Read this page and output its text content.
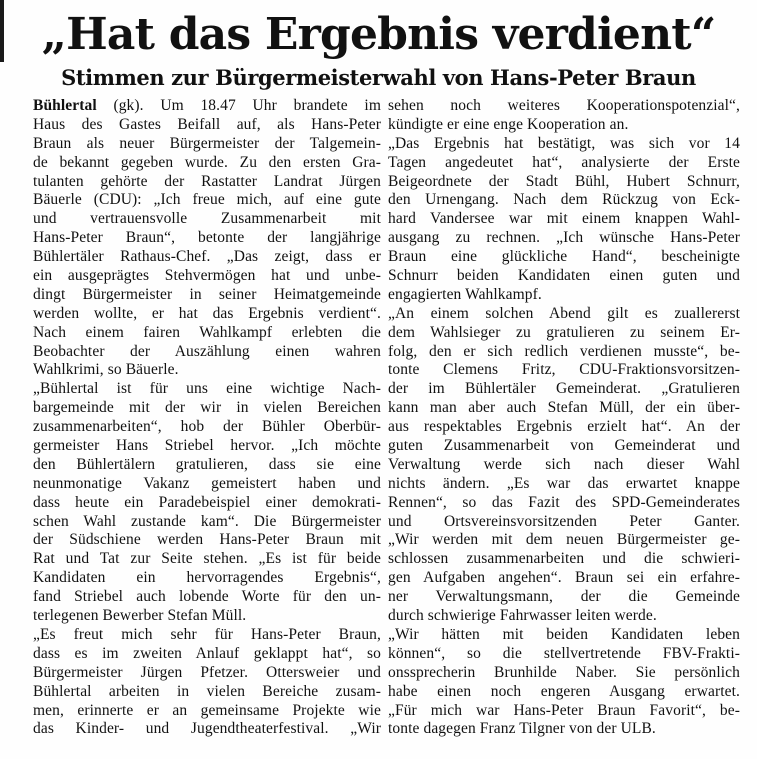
„Hat das Ergebnis verdient“
Stimmen zur Bürgermeisterwahl von Hans-Peter Braun
Bühlertal (gk). Um 18.47 Uhr brandete im
Haus des Gastes Beifall auf, als Hans-Peter
Braun als neuer Bürgermeister der Talgemein-
de bekannt gegeben wurde. Zu den ersten Gra-
tulanten gehörte der Rastatter Landrat Jürgen
Bäuerle (CDU): „Ich freue mich, auf eine gute
und vertrauensvolle Zusammenarbeit mit
Hans-Peter Braun“, betonte der langjährige
Bühlertäler Rathaus-Chef. „Das zeigt, dass er
ein ausgeprägtes Stehvermögen hat und unbe-
dingt Bürgermeister in seiner Heimatgemeinde
werden wollte, er hat das Ergebnis verdient“.
Nach einem fairen Wahlkampf erlebten die
Beobachter der Auszählung einen wahren
Wahlkrimi, so Bäuerle.
„Bühlertal ist für uns eine wichtige Nach-
bargemeinde mit der wir in vielen Bereichen
zusammenarbeiten“, hob der Bühler Oberbür-
germeister Hans Striebel hervor. „Ich möchte
den Bühlertälern gratulieren, dass sie eine
neunmonatige Vakanz gemeistert haben und
dass heute ein Paradebeispiel einer demokrati-
schen Wahl zustande kam“. Die Bürgermeister
der Südschiene werden Hans-Peter Braun mit
Rat und Tat zur Seite stehen. „Es ist für beide
Kandidaten ein hervorragendes Ergebnis“,
fand Striebel auch lobende Worte für den un-
terlegenen Bewerber Stefan Müll.
„Es freut mich sehr für Hans-Peter Braun,
dass es im zweiten Anlauf geklappt hat“, so
Bürgermeister Jürgen Pfetzer. Ottersweier und
Bühlertal arbeiten in vielen Bereiche zusam-
men, erinnerte er an gemeinsame Projekte wie
das Kinder- und Jugendtheaterfestival. „Wir
sehen noch weiteres Kooperationspotenzial“,
kündigte er eine enge Kooperation an.
„Das Ergebnis hat bestätigt, was sich vor 14
Tagen angedeutet hat“, analysierte der Erste
Beigeordnete der Stadt Bühl, Hubert Schnurr,
den Urnengang. Nach dem Rückzug von Eck-
hard Vandersee war mit einem knappen Wahl-
ausgang zu rechnen. „Ich wünsche Hans-Peter
Braun eine glückliche Hand“, bescheinigte
Schnurr beiden Kandidaten einen guten und
engagierten Wahlkampf.
„An einem solchen Abend gilt es zuallererst
dem Wahlsieger zu gratulieren zu seinem Er-
folg, den er sich redlich verdienen musste“, be-
tonte Clemens Fritz, CDU-Fraktionsvorsitzen-
der im Bühlertäler Gemeinderat. „Gratulieren
kann man aber auch Stefan Müll, der ein über-
aus respektables Ergebnis erzielt hat“. An der
guten Zusammenarbeit von Gemeinderat und
Verwaltung werde sich nach dieser Wahl
nichts ändern. „Es war das erwartet knappe
Rennen“, so das Fazit des SPD-Gemeinderates
und Ortsvereinsvorsitzenden Peter Ganter.
„Wir werden mit dem neuen Bürgermeister ge-
schlossen zusammenarbeiten und die schwieri-
gen Aufgaben angehen“. Braun sei ein erfahre-
ner Verwaltungsmann, der die Gemeinde
durch schwierige Fahrwasser leiten werde.
„Wir hätten mit beiden Kandidaten leben
können“, so die stellvertretende FBV-Frakti-
onssprecherin Brunhilde Naber. Sie persönlich
habe einen noch engeren Ausgang erwartet.
„Für mich war Hans-Peter Braun Favorit“, be-
tonte dagegen Franz Tilgner von der ULB.
